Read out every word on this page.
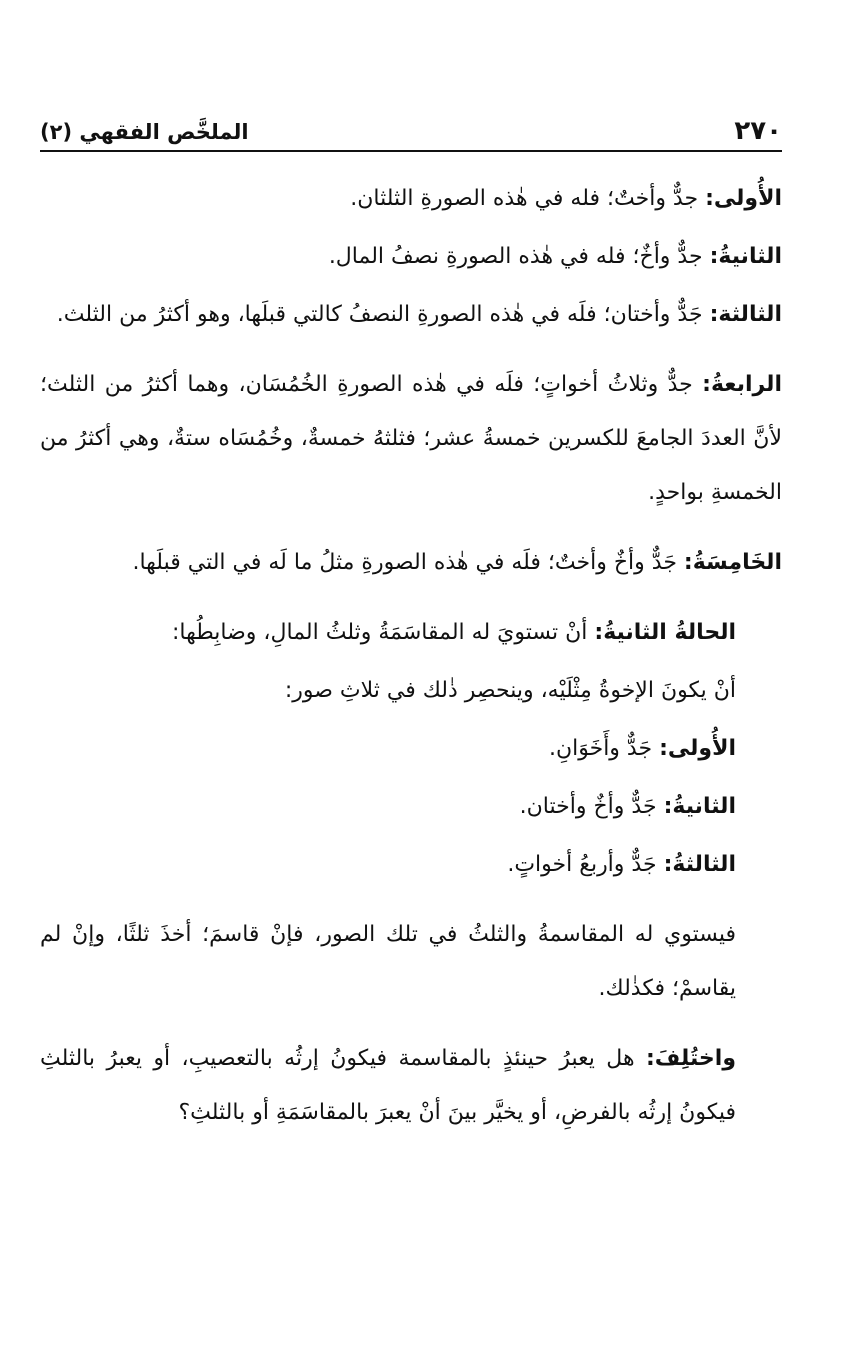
٢٧٠
الملخَّص الفقهي (٢)

الأُولى: جدٌّ وأختٌ؛ فله في هٰذه الصورةِ الثلثان.

الثانيةُ: جدٌّ وأخٌ؛ فله في هٰذه الصورةِ نصفُ المال.

الثالثة: جَدٌّ وأختان؛ فلَه في هٰذه الصورةِ النصفُ كالتي قبلَها، وهو أكثرُ من الثلث.

الرابعةُ: جدٌّ وثلاثُ أخواتٍ؛ فلَه في هٰذه الصورةِ الخُمُسَان، وهما أكثرُ من الثلث؛ لأنَّ العددَ الجامعَ للكسرين خمسةُ عشر؛ فثلثهُ خمسةٌ، وخُمُسَاه ستةٌ، وهي أكثرُ من الخمسةِ بواحدٍ.

الخَامِسَةُ: جَدٌّ وأخٌ وأختٌ؛ فلَه في هٰذه الصورةِ مثلُ ما لَه في التي قبلَها.

الحالةُ الثانيةُ: أنْ تستويَ له المقاسَمَةُ وثلثُ المالِ، وضابِطُها:

أنْ يكونَ الإخوةُ مِثْلَيْه، وينحصِر ذٰلك في ثلاثِ صور:

الأُولى: جَدٌّ وأَخَوَانِ.

الثانيةُ: جَدٌّ وأخٌ وأختان.

الثالثةُ: جَدٌّ وأربعُ أخواتٍ.

فيستوي له المقاسمةُ والثلثُ في تلك الصور، فإنْ قاسمَ؛ أخذَ ثلثًا، وإنْ لم يقاسمْ؛ فكذٰلك.

واختُلِفَ: هل يعبرُ حينئذٍ بالمقاسمة فيكونُ إرثُه بالتعصيبِ، أو يعبرُ بالثلثِ فيكونُ إرثُه بالفرضِ، أو يخيَّر بينَ أنْ يعبرَ بالمقاسَمَةِ أو بالثلثِ؟
